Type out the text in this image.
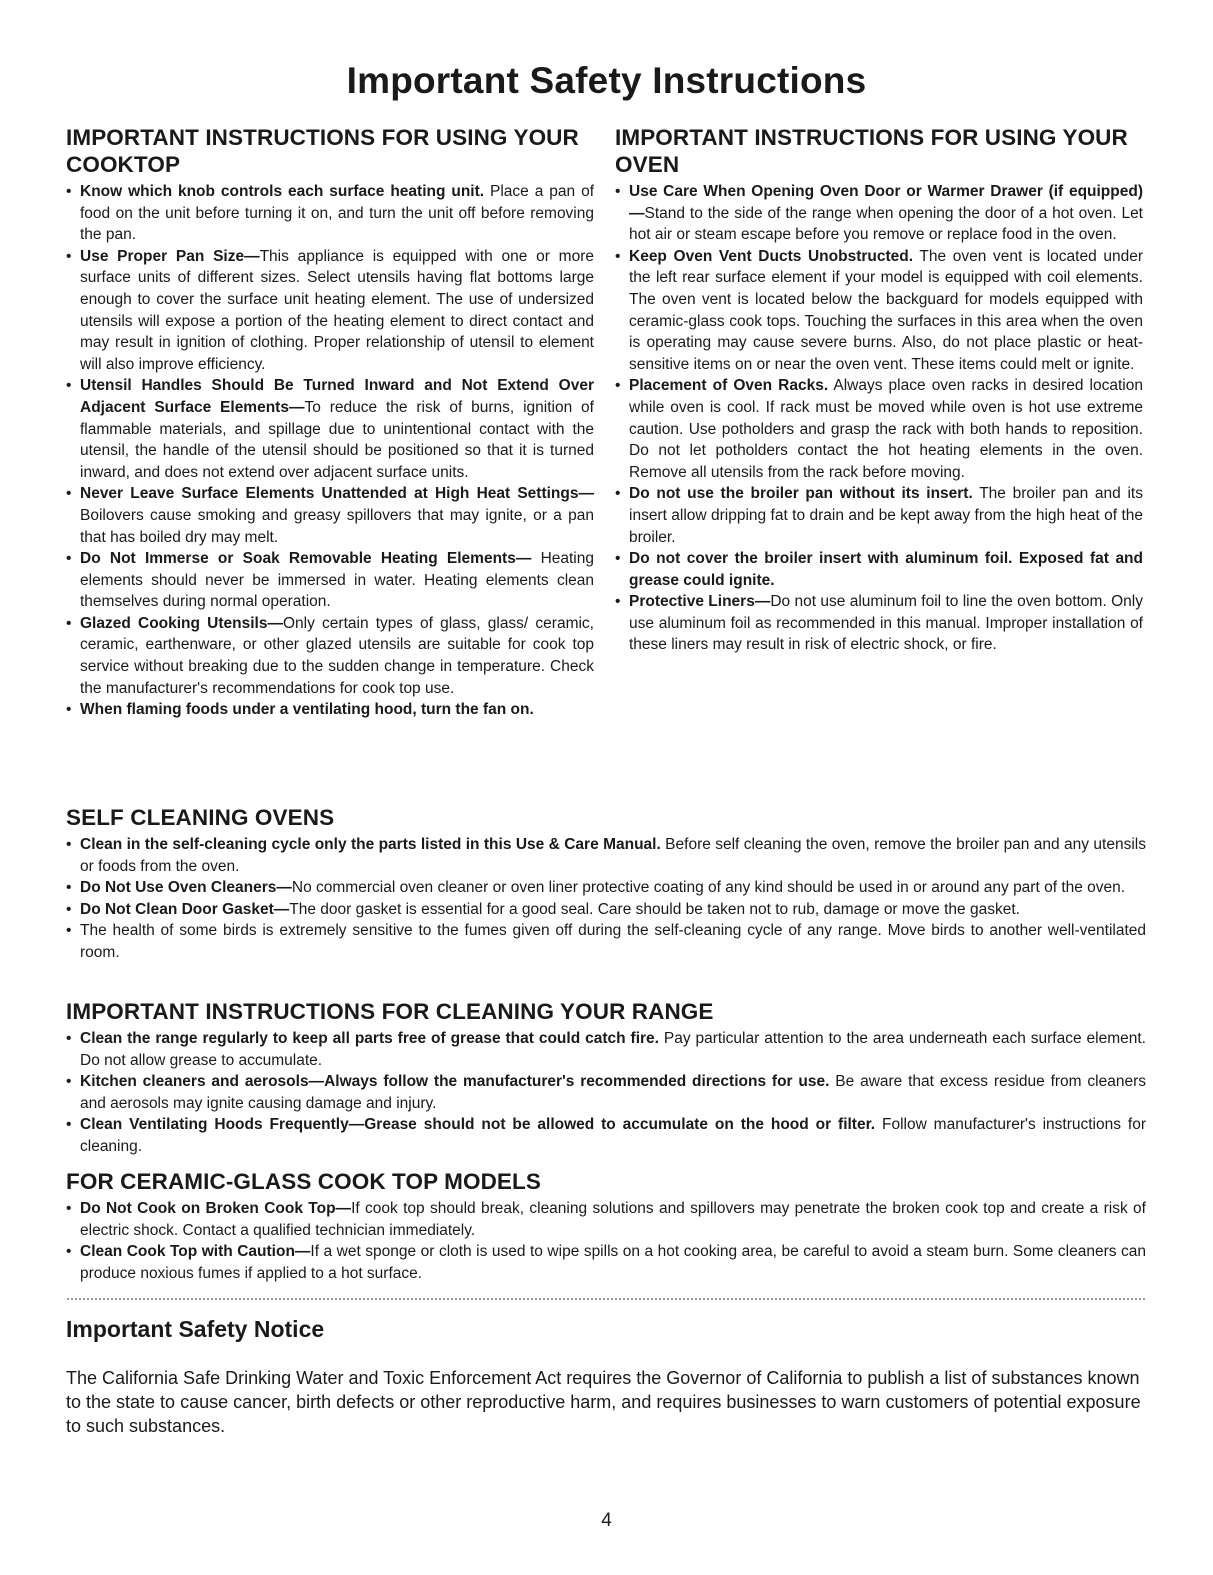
Important Safety Instructions
IMPORTANT INSTRUCTIONS FOR USING YOUR COOKTOP
• Know which knob controls each surface heating unit. Place a pan of food on the unit before turning it on, and turn the unit off before removing the pan.
• Use Proper Pan Size—This appliance is equipped with one or more surface units of different sizes. Select utensils having flat bottoms large enough to cover the surface unit heating element. The use of undersized utensils will expose a portion of the heating element to direct contact and may result in ignition of clothing. Proper relationship of utensil to element will also improve efficiency.
• Utensil Handles Should Be Turned Inward and Not Extend Over Adjacent Surface Elements—To reduce the risk of burns, ignition of flammable materials, and spillage due to unintentional contact with the utensil, the handle of the utensil should be positioned so that it is turned inward, and does not extend over adjacent surface units.
• Never Leave Surface Elements Unattended at High Heat Settings—Boilovers cause smoking and greasy spillovers that may ignite, or a pan that has boiled dry may melt.
• Do Not Immerse or Soak Removable Heating Elements— Heating elements should never be immersed in water. Heating elements clean themselves during normal operation.
• Glazed Cooking Utensils—Only certain types of glass, glass/ ceramic, ceramic, earthenware, or other glazed utensils are suitable for cook top service without breaking due to the sudden change in temperature. Check the manufacturer's recommendations for cook top use.
• When flaming foods under a ventilating hood, turn the fan on.
IMPORTANT INSTRUCTIONS FOR USING YOUR OVEN
• Use Care When Opening Oven Door or Warmer Drawer (if equipped)—Stand to the side of the range when opening the door of a hot oven. Let hot air or steam escape before you remove or replace food in the oven.
• Keep Oven Vent Ducts Unobstructed. The oven vent is located under the left rear surface element if your model is equipped with coil elements. The oven vent is located below the backguard for models equipped with ceramic-glass cook tops. Touching the surfaces in this area when the oven is operating may cause severe burns. Also, do not place plastic or heat-sensitive items on or near the oven vent. These items could melt or ignite.
• Placement of Oven Racks. Always place oven racks in desired location while oven is cool. If rack must be moved while oven is hot use extreme caution. Use potholders and grasp the rack with both hands to reposition. Do not let potholders contact the hot heating elements in the oven. Remove all utensils from the rack before moving.
• Do not use the broiler pan without its insert. The broiler pan and its insert allow dripping fat to drain and be kept away from the high heat of the broiler.
• Do not cover the broiler insert with aluminum foil. Exposed fat and grease could ignite.
• Protective Liners—Do not use aluminum foil to line the oven bottom. Only use aluminum foil as recommended in this manual. Improper installation of these liners may result in risk of electric shock, or fire.
SELF CLEANING OVENS
• Clean in the self-cleaning cycle only the parts listed in this Use & Care Manual. Before self cleaning the oven, remove the broiler pan and any utensils or foods from the oven.
• Do Not Use Oven Cleaners—No commercial oven cleaner or oven liner protective coating of any kind should be used in or around any part of the oven.
• Do Not Clean Door Gasket—The door gasket is essential for a good seal. Care should be taken not to rub, damage or move the gasket.
• The health of some birds is extremely sensitive to the fumes given off during the self-cleaning cycle of any range. Move birds to another well-ventilated room.
IMPORTANT INSTRUCTIONS FOR CLEANING YOUR RANGE
• Clean the range regularly to keep all parts free of grease that could catch fire. Pay particular attention to the area underneath each surface element. Do not allow grease to accumulate.
• Kitchen cleaners and aerosols—Always follow the manufacturer's recommended directions for use. Be aware that excess residue from cleaners and aerosols may ignite causing damage and injury.
• Clean Ventilating Hoods Frequently—Grease should not be allowed to accumulate on the hood or filter. Follow manufacturer's instructions for cleaning.
FOR CERAMIC-GLASS COOK TOP MODELS
• Do Not Cook on Broken Cook Top—If cook top should break, cleaning solutions and spillovers may penetrate the broken cook top and create a risk of electric shock. Contact a qualified technician immediately.
• Clean Cook Top with Caution—If a wet sponge or cloth is used to wipe spills on a hot cooking area, be careful to avoid a steam burn. Some cleaners can produce noxious fumes if applied to a hot surface.
Important Safety Notice

The California Safe Drinking Water and Toxic Enforcement Act requires the Governor of California to publish a list of substances known to the state to cause cancer, birth defects or other reproductive harm, and requires businesses to warn customers of potential exposure to such substances.

4
